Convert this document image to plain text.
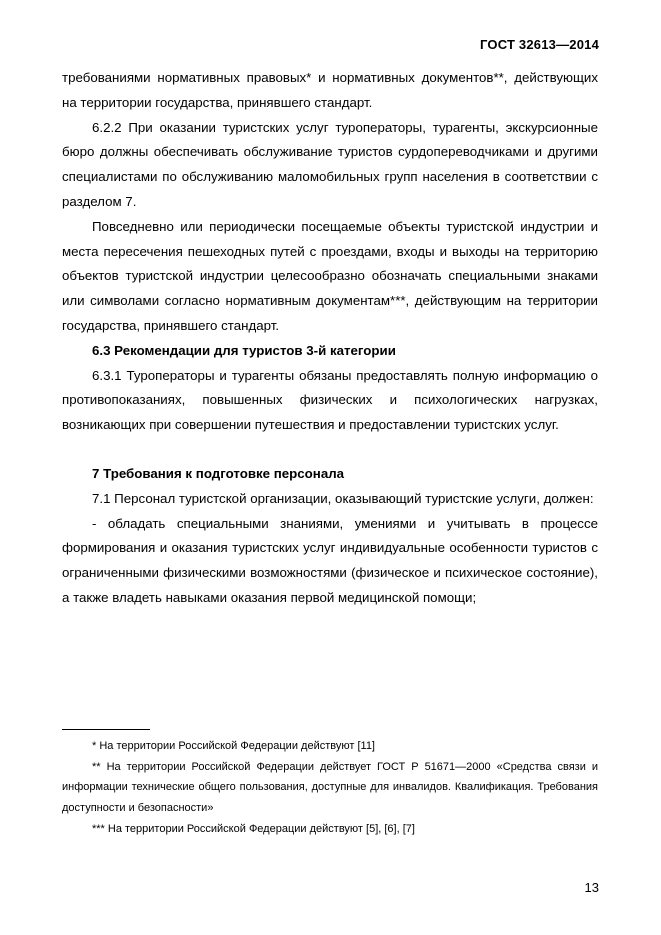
ГОСТ 32613—2014

требованиями нормативных правовых* и нормативных документов**, действующих на территории государства, принявшего стандарт.

6.2.2 При оказании туристских услуг туроператоры, турагенты, экскурсионные бюро должны обеспечивать обслуживание туристов сурдопереводчиками и другими специалистами по обслуживанию маломобильных групп населения в соответствии с разделом 7.

Повседневно или периодически посещаемые объекты туристской индустрии и места пересечения пешеходных путей с проездами, входы и выходы на территорию объектов туристской индустрии целесообразно обозначать специальными знаками или символами согласно нормативным документам***, действующим на территории государства, принявшего стандарт.

6.3 Рекомендации для туристов 3-й категории

6.3.1 Туроператоры и турагенты обязаны предоставлять полную информацию о противопоказаниях, повышенных физических и психологических нагрузках, возникающих при совершении путешествия и предоставлении туристских услуг.

7 Требования к подготовке персонала

7.1 Персонал туристской организации, оказывающий туристские услуги, должен:

- обладать специальными знаниями, умениями и учитывать в процессе формирования и оказания туристских услуг индивидуальные особенности туристов с ограниченными физическими возможностями (физическое и психическое состояние), а также владеть навыками оказания первой медицинской помощи;

* На территории Российской Федерации действуют [11]

** На территории Российской Федерации действует ГОСТ Р 51671—2000 «Средства связи и информации технические общего пользования, доступные для инвалидов. Квалификация. Требования доступности и безопасности»

*** На территории Российской Федерации действуют [5], [6], [7]

13
